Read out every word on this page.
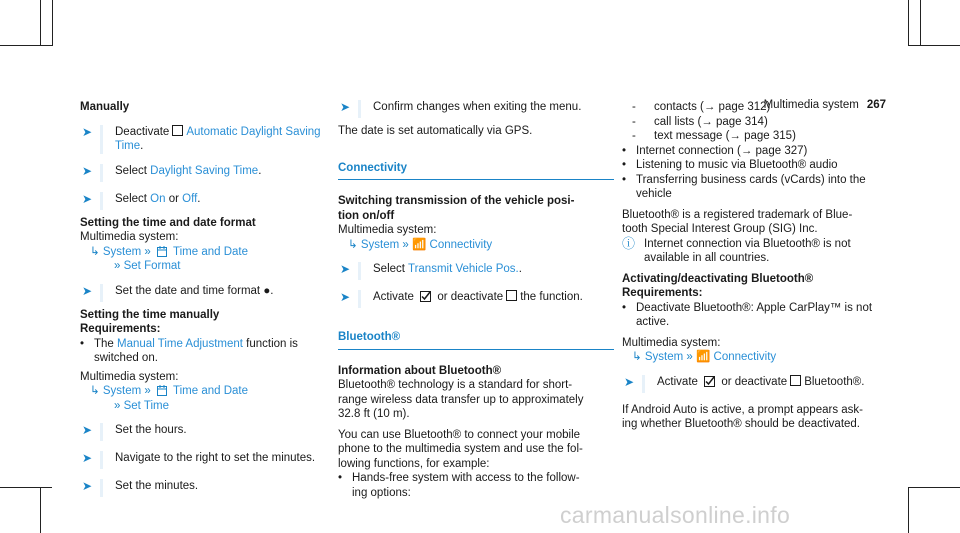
Multimedia system 267

Manually

➤ Deactivate Automatic Daylight Saving
Time.
➤ Select Daylight Saving Time.
➤ Select On or Off.

Setting the time and date format

Multimedia system:

↳ System » Time and Date

» Set Format

➤ Set the date and time format ●.

Setting the time manually

Requirements:

• The Manual Time Adjustment function is
switched on.

Multimedia system:

↳ System » Time and Date

» Set Time

➤ Set the hours.
➤ Navigate to the right to set the minutes.
➤ Set the minutes.
➤ Confirm changes when exiting the menu.

The date is set automatically via GPS.

Connectivity

Switching transmission of the vehicle posi-

tion on/off

Multimedia system:

↳ System » 📶 Connectivity

➤ Select Transmit Vehicle Pos..
➤ Activate or deactivate the function.

Bluetooth®

Information about Bluetooth®

Bluetooth® technology is a standard for short-

range wireless data transfer up to approximately

32.8 ft (10 m).

You can use Bluetooth® to connect your mobile

phone to the multimedia system and use the fol-

lowing functions, for example:

• Hands-free system with access to the follow-
ing options:
- contacts (→ page 312)
- call lists (→ page 314)
- text message (→ page 315)
• Internet connection (→ page 327)
• Listening to music via Bluetooth® audio
• Transferring business cards (vCards) into the
vehicle

Bluetooth® is a registered trademark of Blue-

tooth Special Interest Group (SIG) Inc.

ⓘ Internet connection via Bluetooth® is not
available in all countries.

Activating/deactivating Bluetooth®

Requirements:

• Deactivate Bluetooth®: Apple CarPlay™ is not
active.

Multimedia system:

↳ System » 📶 Connectivity

➤ Activate or deactivate Bluetooth®.

If Android Auto is active, a prompt appears ask-

ing whether Bluetooth® should be deactivated.

carmanualsonline.info
